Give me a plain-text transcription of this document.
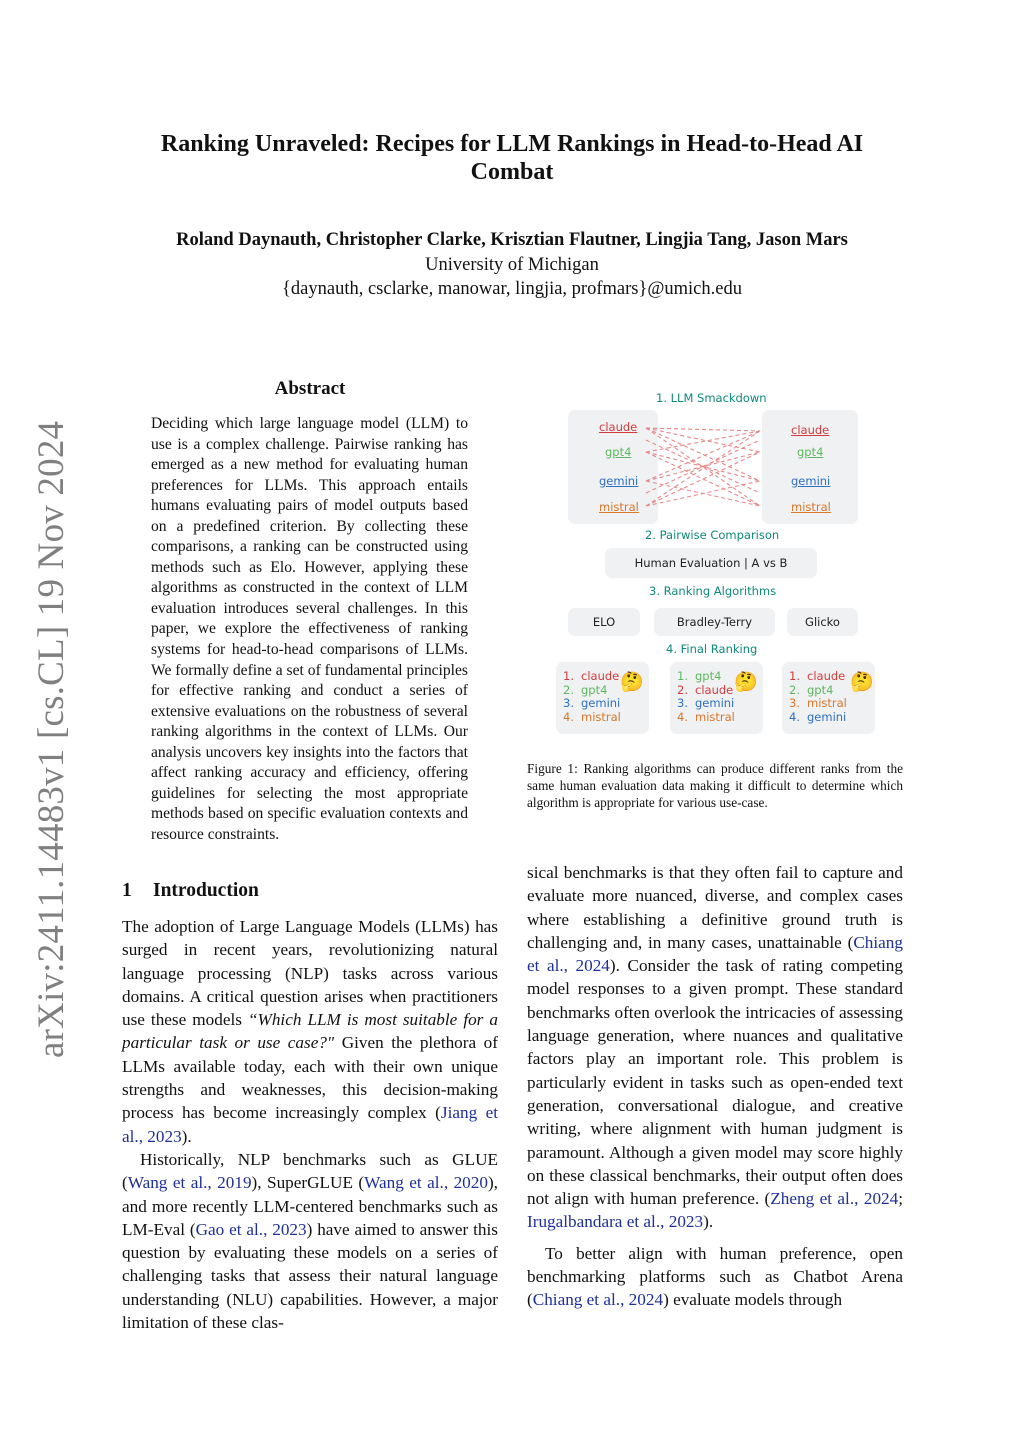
Ranking Unraveled: Recipes for LLM Rankings in Head-to-Head AI Combat
Roland Daynauth, Christopher Clarke, Krisztian Flautner, Lingjia Tang, Jason Mars
University of Michigan
{daynauth, csclarke, manowar, lingjia, profmars}@umich.edu
arXiv:2411.14483v1 [cs.CL] 19 Nov 2024
Abstract
Deciding which large language model (LLM) to use is a complex challenge. Pairwise ranking has emerged as a new method for evaluating human preferences for LLMs. This approach entails humans evaluating pairs of model outputs based on a predefined criterion. By collecting these comparisons, a ranking can be constructed using methods such as Elo. However, applying these algorithms as constructed in the context of LLM evaluation introduces several challenges. In this paper, we explore the effectiveness of ranking systems for head-to-head comparisons of LLMs. We formally define a set of fundamental principles for effective ranking and conduct a series of extensive evaluations on the robustness of several ranking algorithms in the context of LLMs. Our analysis uncovers key insights into the factors that affect ranking accuracy and efficiency, offering guidelines for selecting the most appropriate methods based on specific evaluation contexts and resource constraints.
1 Introduction

The adoption of Large Language Models (LLMs) has surged in recent years, revolutionizing natural language processing (NLP) tasks across various domains. A critical question arises when practitioners use these models “Which LLM is most suitable for a particular task or use case?" Given the plethora of LLMs available today, each with their own unique strengths and weaknesses, this decision-making process has become increasingly complex (Jiang et al., 2023).

Historically, NLP benchmarks such as GLUE (Wang et al., 2019), SuperGLUE (Wang et al., 2020), and more recently LLM-centered benchmarks such as LM-Eval (Gao et al., 2023) have aimed to answer this question by evaluating these models on a series of challenging tasks that assess their natural language understanding (NLU) capabilities. However, a major limitation of these clas-

1. LLM Smackdown
claude
gpt4
gemini
mistral
claude
gpt4
gemini
mistral
2. Pairwise Comparison
Human Evaluation | A vs B
3. Ranking Algorithms
ELO	Bradley-Terry	Glicko
4. Final Ranking
1. claude
2. gpt4
3. gemini
4. mistral
🤔	1. gpt4
2. claude
3. gemini
4. mistral
🤔	1. claude
2. gpt4
3. mistral
4. gemini
🤔
Figure 1: Ranking algorithms can produce different ranks from the same human evaluation data making it difficult to determine which algorithm is appropriate for various use-case.

sical benchmarks is that they often fail to capture and evaluate more nuanced, diverse, and complex cases where establishing a definitive ground truth is challenging and, in many cases, unattainable (Chiang et al., 2024). Consider the task of rating competing model responses to a given prompt. These standard benchmarks often overlook the intricacies of assessing language generation, where nuances and qualitative factors play an important role. This problem is particularly evident in tasks such as open-ended text generation, conversational dialogue, and creative writing, where alignment with human judgment is paramount. Although a given model may score highly on these classical benchmarks, their output often does not align with human preference. (Zheng et al., 2024; Irugalbandara et al., 2023).

To better align with human preference, open benchmarking platforms such as Chatbot Arena (Chiang et al., 2024) evaluate models through
